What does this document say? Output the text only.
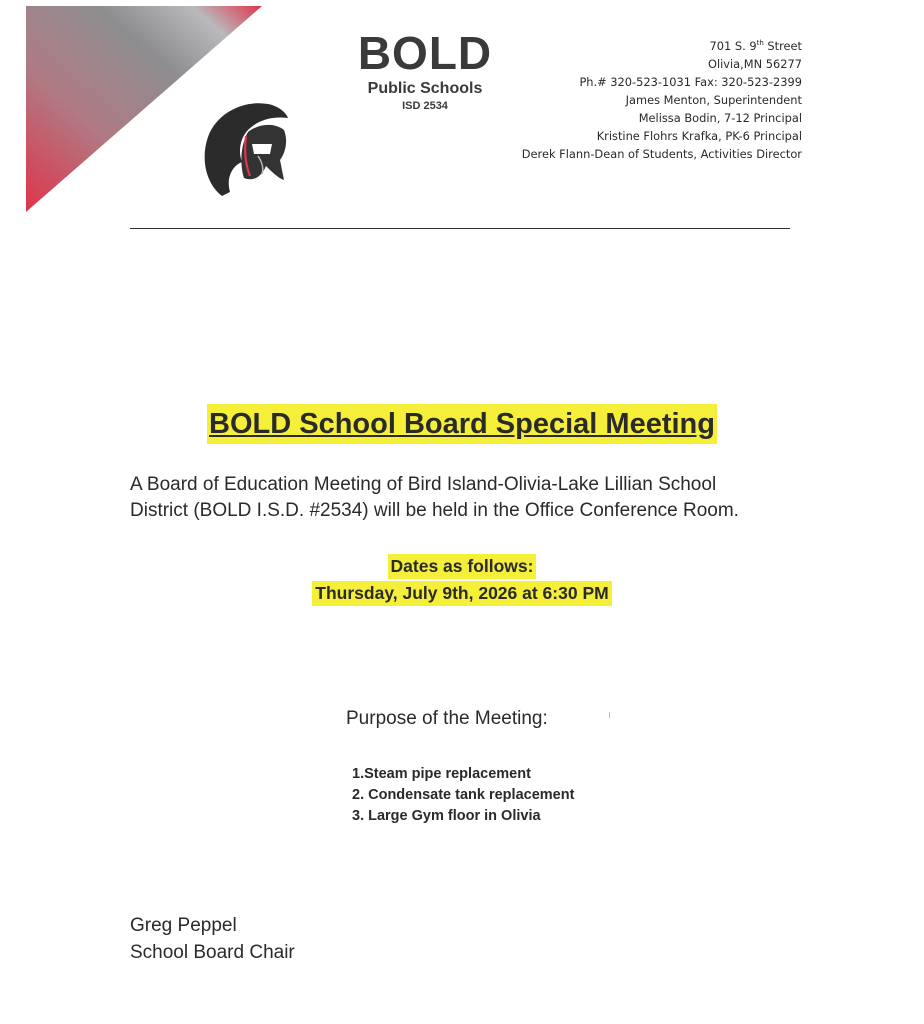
BOLD
Public Schools
ISD 2534
701 S. 9th Street
Olivia,MN 56277
Ph.# 320-523-1031 Fax: 320-523-2399
James Menton, Superintendent
Melissa Bodin, 7-12 Principal
Kristine Flohrs Krafka, PK-6 Principal
Derek Flann-Dean of Students, Activities Director
BOLD School Board Special Meeting
A Board of Education Meeting of Bird Island-Olivia-Lake Lillian School
District (BOLD I.S.D. #2534) will be held in the Office Conference Room.
Dates as follows:
Thursday, July 9th, 2026 at 6:30 PM
Purpose of the Meeting:
1.Steam pipe replacement
2. Condensate tank replacement
3. Large Gym floor in Olivia
Greg Peppel
School Board Chair
